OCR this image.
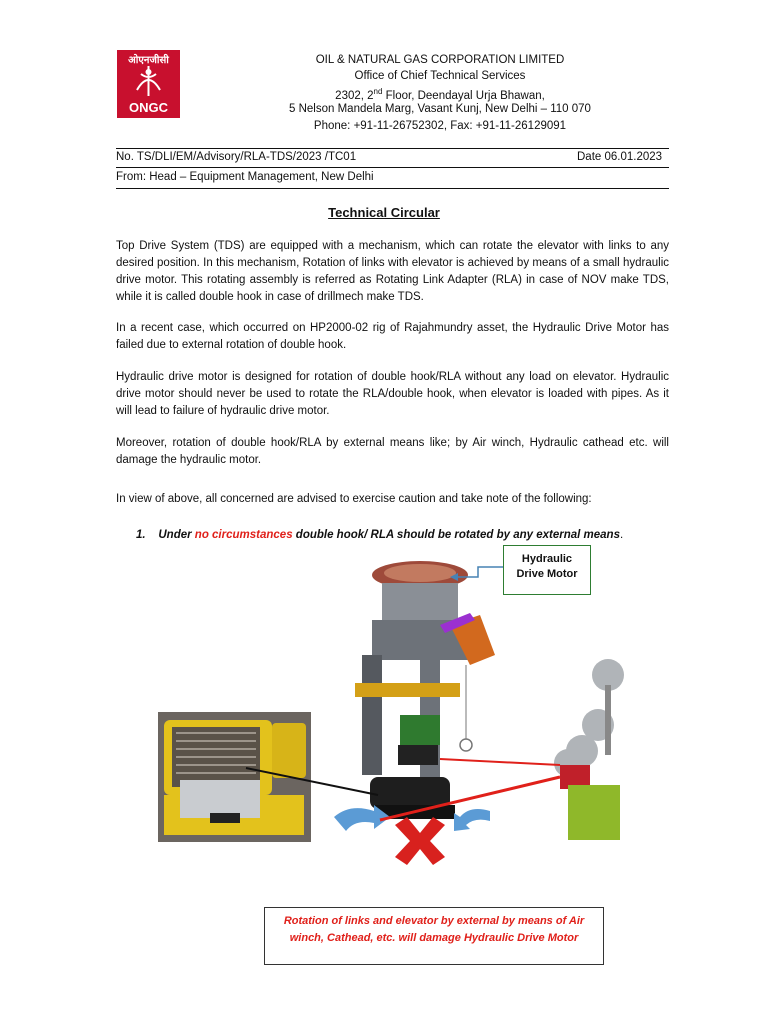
ओएनजीसी
ONGC
OIL & NATURAL GAS CORPORATION LIMITED
Office of Chief Technical Services
2302, 2nd Floor, Deendayal Urja Bhawan,
5 Nelson Mandela Marg, Vasant Kunj, New Delhi – 110 070
Phone: +91-11-26752302, Fax: +91-11-26129091
No. TS/DLI/EM/Advisory/RLA-TDS/2023 /TC01	Date 06.01.2023
From: Head – Equipment Management, New Delhi
Technical Circular
Top Drive System (TDS) are equipped with a mechanism, which can rotate the elevator with links to any desired position. In this mechanism, Rotation of links with elevator is achieved by means of a small hydraulic drive motor. This rotating assembly is referred as Rotating Link Adapter (RLA) in case of NOV make TDS, while it is called double hook in case of drillmech make TDS.
In a recent case, which occurred on HP2000-02 rig of Rajahmundry asset, the Hydraulic Drive Motor has failed due to external rotation of double hook.
Hydraulic drive motor is designed for rotation of double hook/RLA without any load on elevator. Hydraulic drive motor should never be used to rotate the RLA/double hook, when elevator is loaded with pipes. As it will lead to failure of hydraulic drive motor.
Moreover, rotation of double hook/RLA by external means like; by Air winch, Hydraulic cathead etc. will damage the hydraulic motor.
In view of above, all concerned are advised to exercise caution and take note of the following:
1. Under no circumstances double hook/ RLA should be rotated by any external means.
Hydraulic
Drive Motor
Rotation of links and elevator by external by means of Air
winch, Cathead, etc. will damage Hydraulic Drive Motor
